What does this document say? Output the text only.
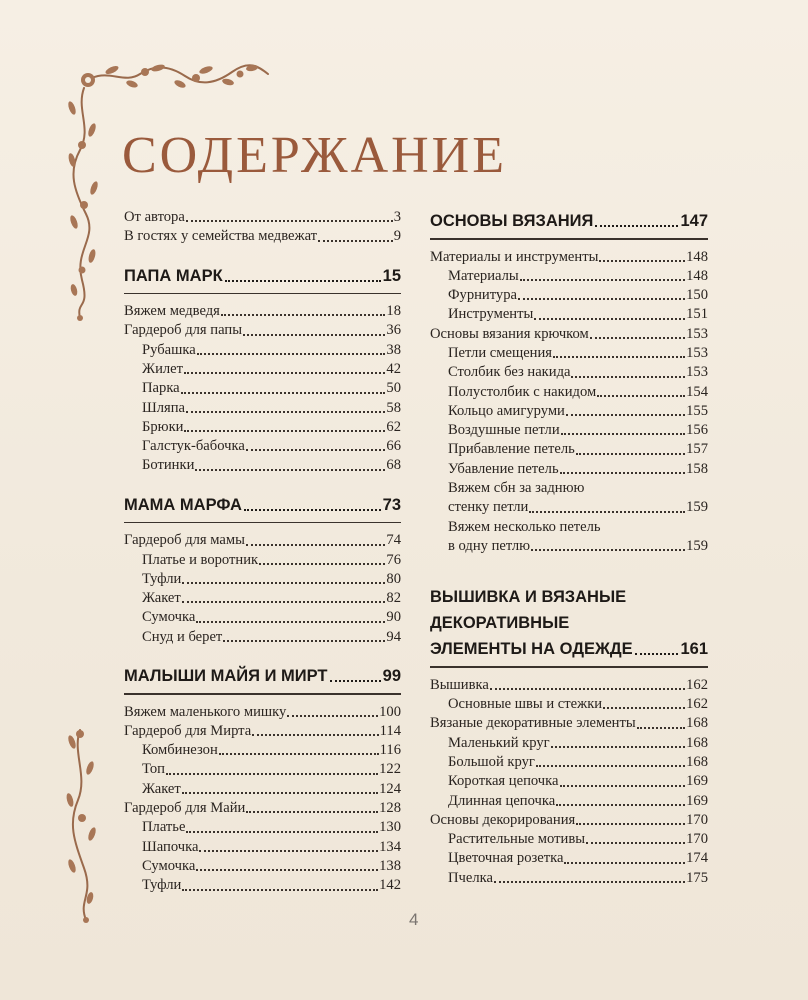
СОДЕРЖАНИЕ
От автора	3
В гостях у семейства медвежат	9
ПАПА МАРК	15
Вяжем медведя	18
Гардероб для папы	36
Рубашка	38
Жилет	42
Парка	50
Шляпа	58
Брюки	62
Галстук-бабочка	66
Ботинки	68
МАМА МАРФА	73
Гардероб для мамы	74
Платье и воротник	76
Туфли	80
Жакет	82
Сумочка	90
Снуд и берет	94
МАЛЫШИ МАЙЯ И МИРТ	99
Вяжем маленького мишку	100
Гардероб для Мирта	114
Комбинезон	116
Топ	122
Жакет	124
Гардероб для Майи	128
Платье	130
Шапочка	134
Сумочка	138
Туфли	142
ОСНОВЫ ВЯЗАНИЯ	147
Материалы и инструменты	148
Материалы	148
Фурнитура	150
Инструменты	151
Основы вязания крючком	153
Петли смещения	153
Столбик без накида	153
Полустолбик с накидом	154
Кольцо амигуруми	155
Воздушные петли	156
Прибавление петель	157
Убавление петель	158
Вяжем сбн за заднюю
стенку петли	159
Вяжем несколько петель
в одну петлю	159
ВЫШИВКА И ВЯЗАНЫЕ
ДЕКОРАТИВНЫЕ
ЭЛЕМЕНТЫ НА ОДЕЖДЕ	161
Вышивка	162
Основные швы и стежки	162
Вязаные декоративные элементы	168
Маленький круг	168
Большой круг	168
Короткая цепочка	169
Длинная цепочка	169
Основы декорирования	170
Растительные мотивы	170
Цветочная розетка	174
Пчелка	175
4
